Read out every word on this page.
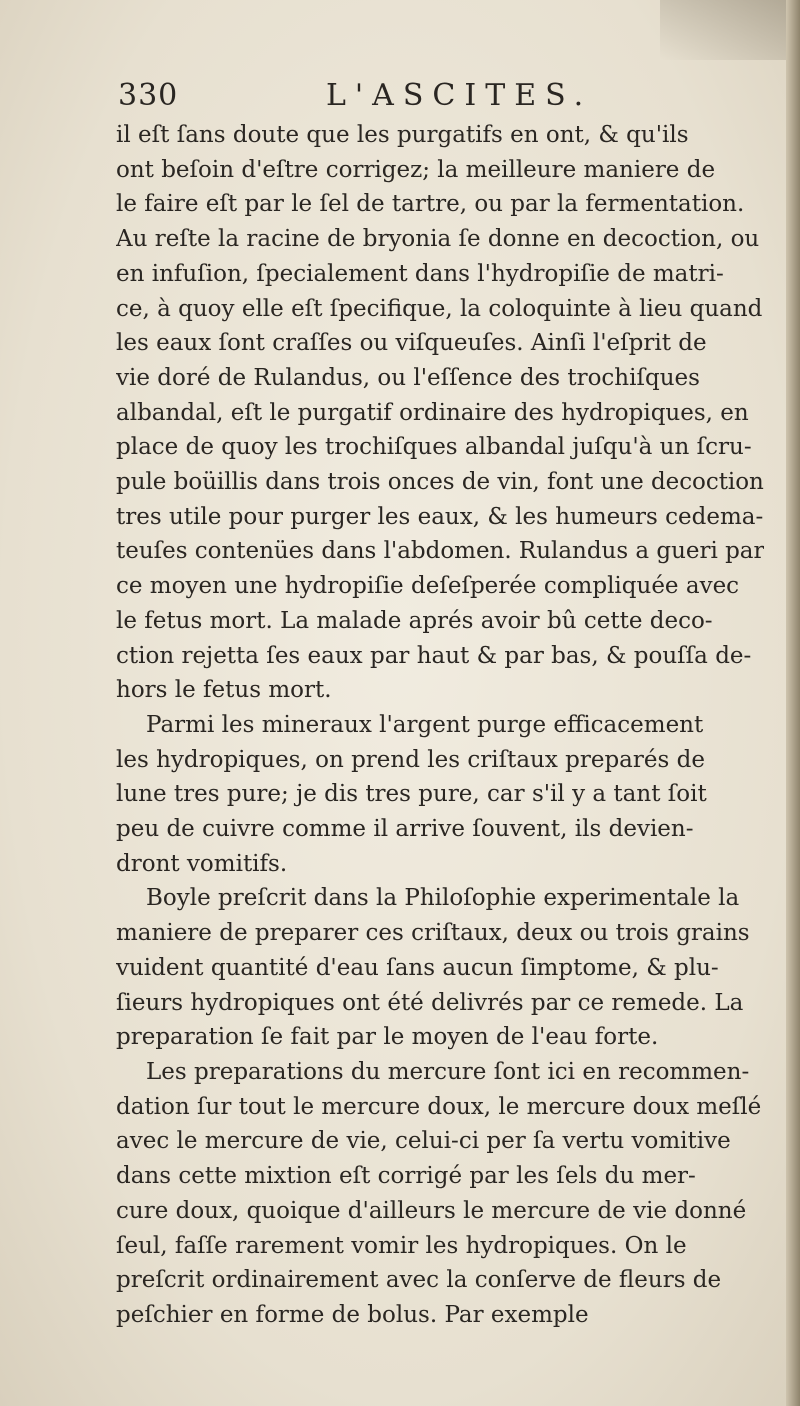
330	L'ASCITES.
il eſt ſans doute que les purgatifs en ont, & qu'ils
ont beſoin d'eſtre corrigez; la meilleure maniere de
le faire eſt par le ſel de tartre, ou par la fermentation.
Au reſte la racine de bryonia ſe donne en decoction, ou
en infuſion, ſpecialement dans l'hydropiſie de matri-
ce, à quoy elle eſt ſpecifique, la coloquinte à lieu quand
les eaux ſont craſſes ou viſqueuſes. Ainſi l'eſprit de
vie doré de Rulandus, ou l'eſſence des trochiſques
albandal, eſt le purgatif ordinaire des hydropiques, en
place de quoy les trochiſques albandal juſqu'à un ſcru-
pule boüillis dans trois onces de vin, font une decoction
tres utile pour purger les eaux, & les humeurs cedema-
teuſes contenües dans l'abdomen. Rulandus a gueri par
ce moyen une hydropiſie deſeſperée compliquée avec
le fetus mort. La malade aprés avoir bû cette deco-
ction rejetta ſes eaux par haut & par bas, & pouſſa de-
hors le fetus mort.
Parmi les mineraux l'argent purge efficacement
les hydropiques, on prend les criſtaux preparés de
lune tres pure; je dis tres pure, car s'il y a tant ſoit
peu de cuivre comme il arrive ſouvent, ils devien-
dront vomitifs.
Boyle preſcrit dans la Philoſophie experimentale la
maniere de preparer ces criſtaux, deux ou trois grains
vuident quantité d'eau ſans aucun ſimptome, & plu-
ſieurs hydropiques ont été delivrés par ce remede. La
preparation ſe fait par le moyen de l'eau forte.
Les preparations du mercure ſont ici en recommen-
dation ſur tout le mercure doux, le mercure doux meſlé
avec le mercure de vie, celui-ci per ſa vertu vomitive
dans cette mixtion eſt corrigé par les ſels du mer-
cure doux, quoique d'ailleurs le mercure de vie donné
ſeul, faſſe rarement vomir les hydropiques. On le
preſcrit ordinairement avec la conſerve de fleurs de
peſchier en forme de bolus. Par exemple
